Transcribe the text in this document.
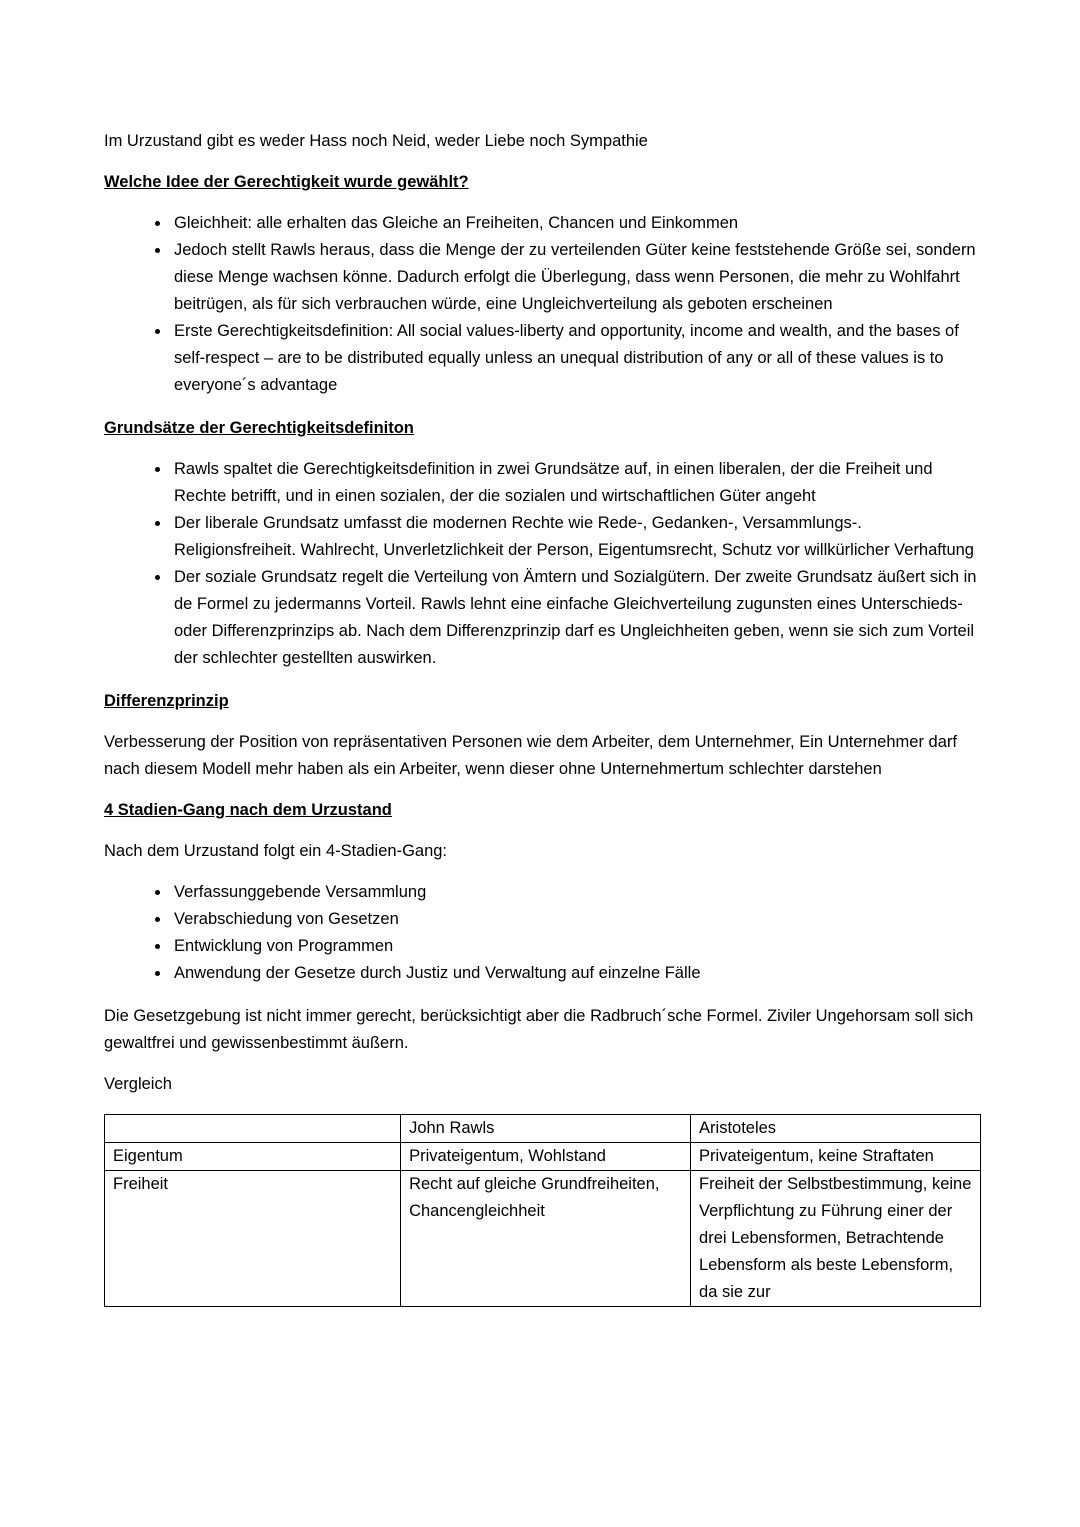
Im Urzustand gibt es weder Hass noch Neid, weder Liebe noch Sympathie

Welche Idee der Gerechtigkeit wurde gewählt?
• Gleichheit: alle erhalten das Gleiche an Freiheiten, Chancen und Einkommen
• Jedoch stellt Rawls heraus, dass die Menge der zu verteilenden Güter keine feststehende Größe sei, sondern diese Menge wachsen könne. Dadurch erfolgt die Überlegung, dass wenn Personen, die mehr zu Wohlfahrt beitrügen, als für sich verbrauchen würde, eine Ungleichverteilung als geboten erscheinen
• Erste Gerechtigkeitsdefinition: All social values-liberty and opportunity, income and wealth, and the bases of self-respect – are to be distributed equally unless an unequal distribution of any or all of these values is to everyone´s advantage
Grundsätze der Gerechtigkeitsdefiniton
• Rawls spaltet die Gerechtigkeitsdefinition in zwei Grundsätze auf, in einen liberalen, der die Freiheit und Rechte betrifft, und in einen sozialen, der die sozialen und wirtschaftlichen Güter angeht
• Der liberale Grundsatz umfasst die modernen Rechte wie Rede-, Gedanken-, Versammlungs-. Religionsfreiheit. Wahlrecht, Unverletzlichkeit der Person, Eigentumsrecht, Schutz vor willkürlicher Verhaftung
• Der soziale Grundsatz regelt die Verteilung von Ämtern und Sozialgütern. Der zweite Grundsatz äußert sich in de Formel zu jedermanns Vorteil. Rawls lehnt eine einfache Gleichverteilung zugunsten eines Unterschieds- oder Differenzprinzips ab. Nach dem Differenzprinzip darf es Ungleichheiten geben, wenn sie sich zum Vorteil der schlechter gestellten auswirken.
Differenzprinzip

Verbesserung der Position von repräsentativen Personen wie dem Arbeiter, dem Unternehmer, Ein Unternehmer darf nach diesem Modell mehr haben als ein Arbeiter, wenn dieser ohne Unternehmertum schlechter darstehen

4 Stadien-Gang nach dem Urzustand

Nach dem Urzustand folgt ein 4-Stadien-Gang:

• Verfassunggebende Versammlung
• Verabschiedung von Gesetzen
• Entwicklung von Programmen
• Anwendung der Gesetze durch Justiz und Verwaltung auf einzelne Fälle

Die Gesetzgebung ist nicht immer gerecht, berücksichtigt aber die Radbruch´sche Formel. Ziviler Ungehorsam soll sich gewaltfrei und gewissenbestimmt äußern.

Vergleich

	John Rawls	Aristoteles
Eigentum	Privateigentum, Wohlstand	Privateigentum, keine Straftaten
Freiheit	Recht auf gleiche Grundfreiheiten, Chancengleichheit	Freiheit der Selbstbestimmung, keine Verpflichtung zu Führung einer der drei Lebensformen, Betrachtende Lebensform als beste Lebensform, da sie zur
